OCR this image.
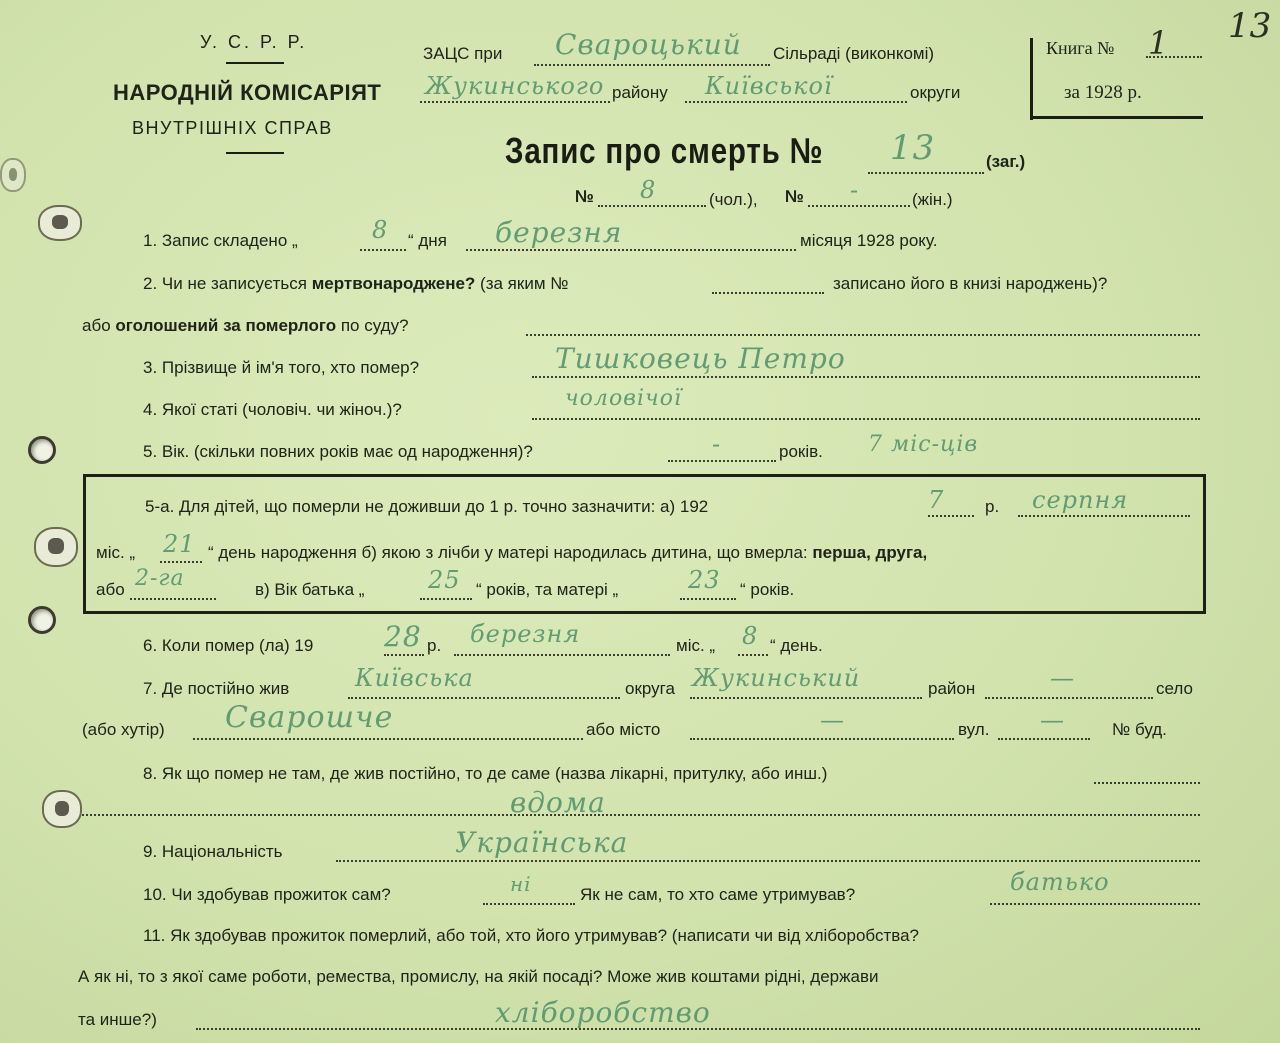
У. С. Р. Р.
НАРОДНІЙ КОМІСАРІЯТ
ВНУТРІШНІХ СПРАВ
ЗАЦС при Свароцький Сільраді (виконкомі)
Жукинського району Київської	округи
Книга № 1
за 1928 р.
13
Запис про смерть № 13	(заг.)
№ 8	(чол.), № -	(жін.)
1. Запис складено „	8 “ дня березня	місяця 1928 року.
2. Чи не записується мертвонароджене? (за яким №	записано його в книзі народжень)?
або оголошений за померлого по суду?
3. Прізвище й ім'я того, хто помер?	Тишковець Петро
4. Якої статі (чоловіч. чи жіноч.)?	чоловічої
5. Вік. (скільки повних років має од народження)?	-	років. 7 міс-ців
5-а. Для дітей, що померли не доживши до 1 р. точно зазначити: а) 192	7 р. серпня
міс. „ 21 “ день народження б) якою з лічби у матері народилась дитина, що вмерла: перша, друга,
або 2-га	в) Вік батька „	25 “ років, та матері „	23 “ років.
6. Коли помер (ла) 19	28 р. березня	міс. „ 8 “ день.
7. Де постійно жив	Київська	округа Жукинський	район	—	село
(або хутір) Сварошче	або місто	—	вул. —	№ буд.
8. Як що помер не там, де жив постійно, то де саме (назва лікарні, притулку, або инш.)
вдома
9. Національність	Українська
10. Чи здобував прожиток сам?	ні	Як не сам, то хто саме утримував?	батько
11. Як здобував прожиток померлий, або той, хто його утримував? (написати чи від хліборобства?
А як ні, то з якої саме роботи, ремества, промислу, на якій посаді? Може жив коштами рідні, держави
та инше?)	хліборобство
